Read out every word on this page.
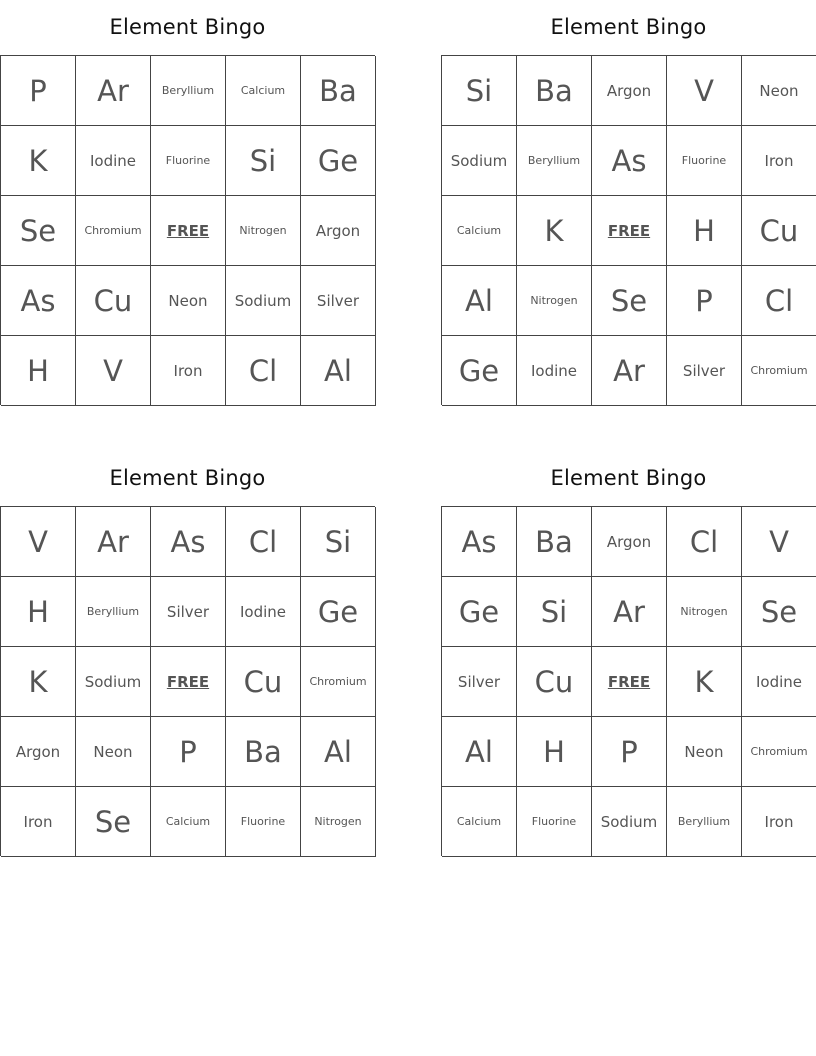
Element Bingo
P	Ar	Beryllium	Calcium	Ba
K	Iodine	Fluorine	Si	Ge
Se	Chromium	FREE	Nitrogen	Argon
As	Cu	Neon	Sodium	Silver
H	V	Iron	Cl	Al
Element Bingo
Si	Ba	Argon	V	Neon
Sodium	Beryllium	As	Fluorine	Iron
Calcium	K	FREE	H	Cu
Al	Nitrogen	Se	P	Cl
Ge	Iodine	Ar	Silver	Chromium
Element Bingo
V	Ar	As	Cl	Si
H	Beryllium	Silver	Iodine	Ge
K	Sodium	FREE	Cu	Chromium
Argon	Neon	P	Ba	Al
Iron	Se	Calcium	Fluorine	Nitrogen
Element Bingo
As	Ba	Argon	Cl	V
Ge	Si	Ar	Nitrogen	Se
Silver	Cu	FREE	K	Iodine
Al	H	P	Neon	Chromium
Calcium	Fluorine	Sodium	Beryllium	Iron
